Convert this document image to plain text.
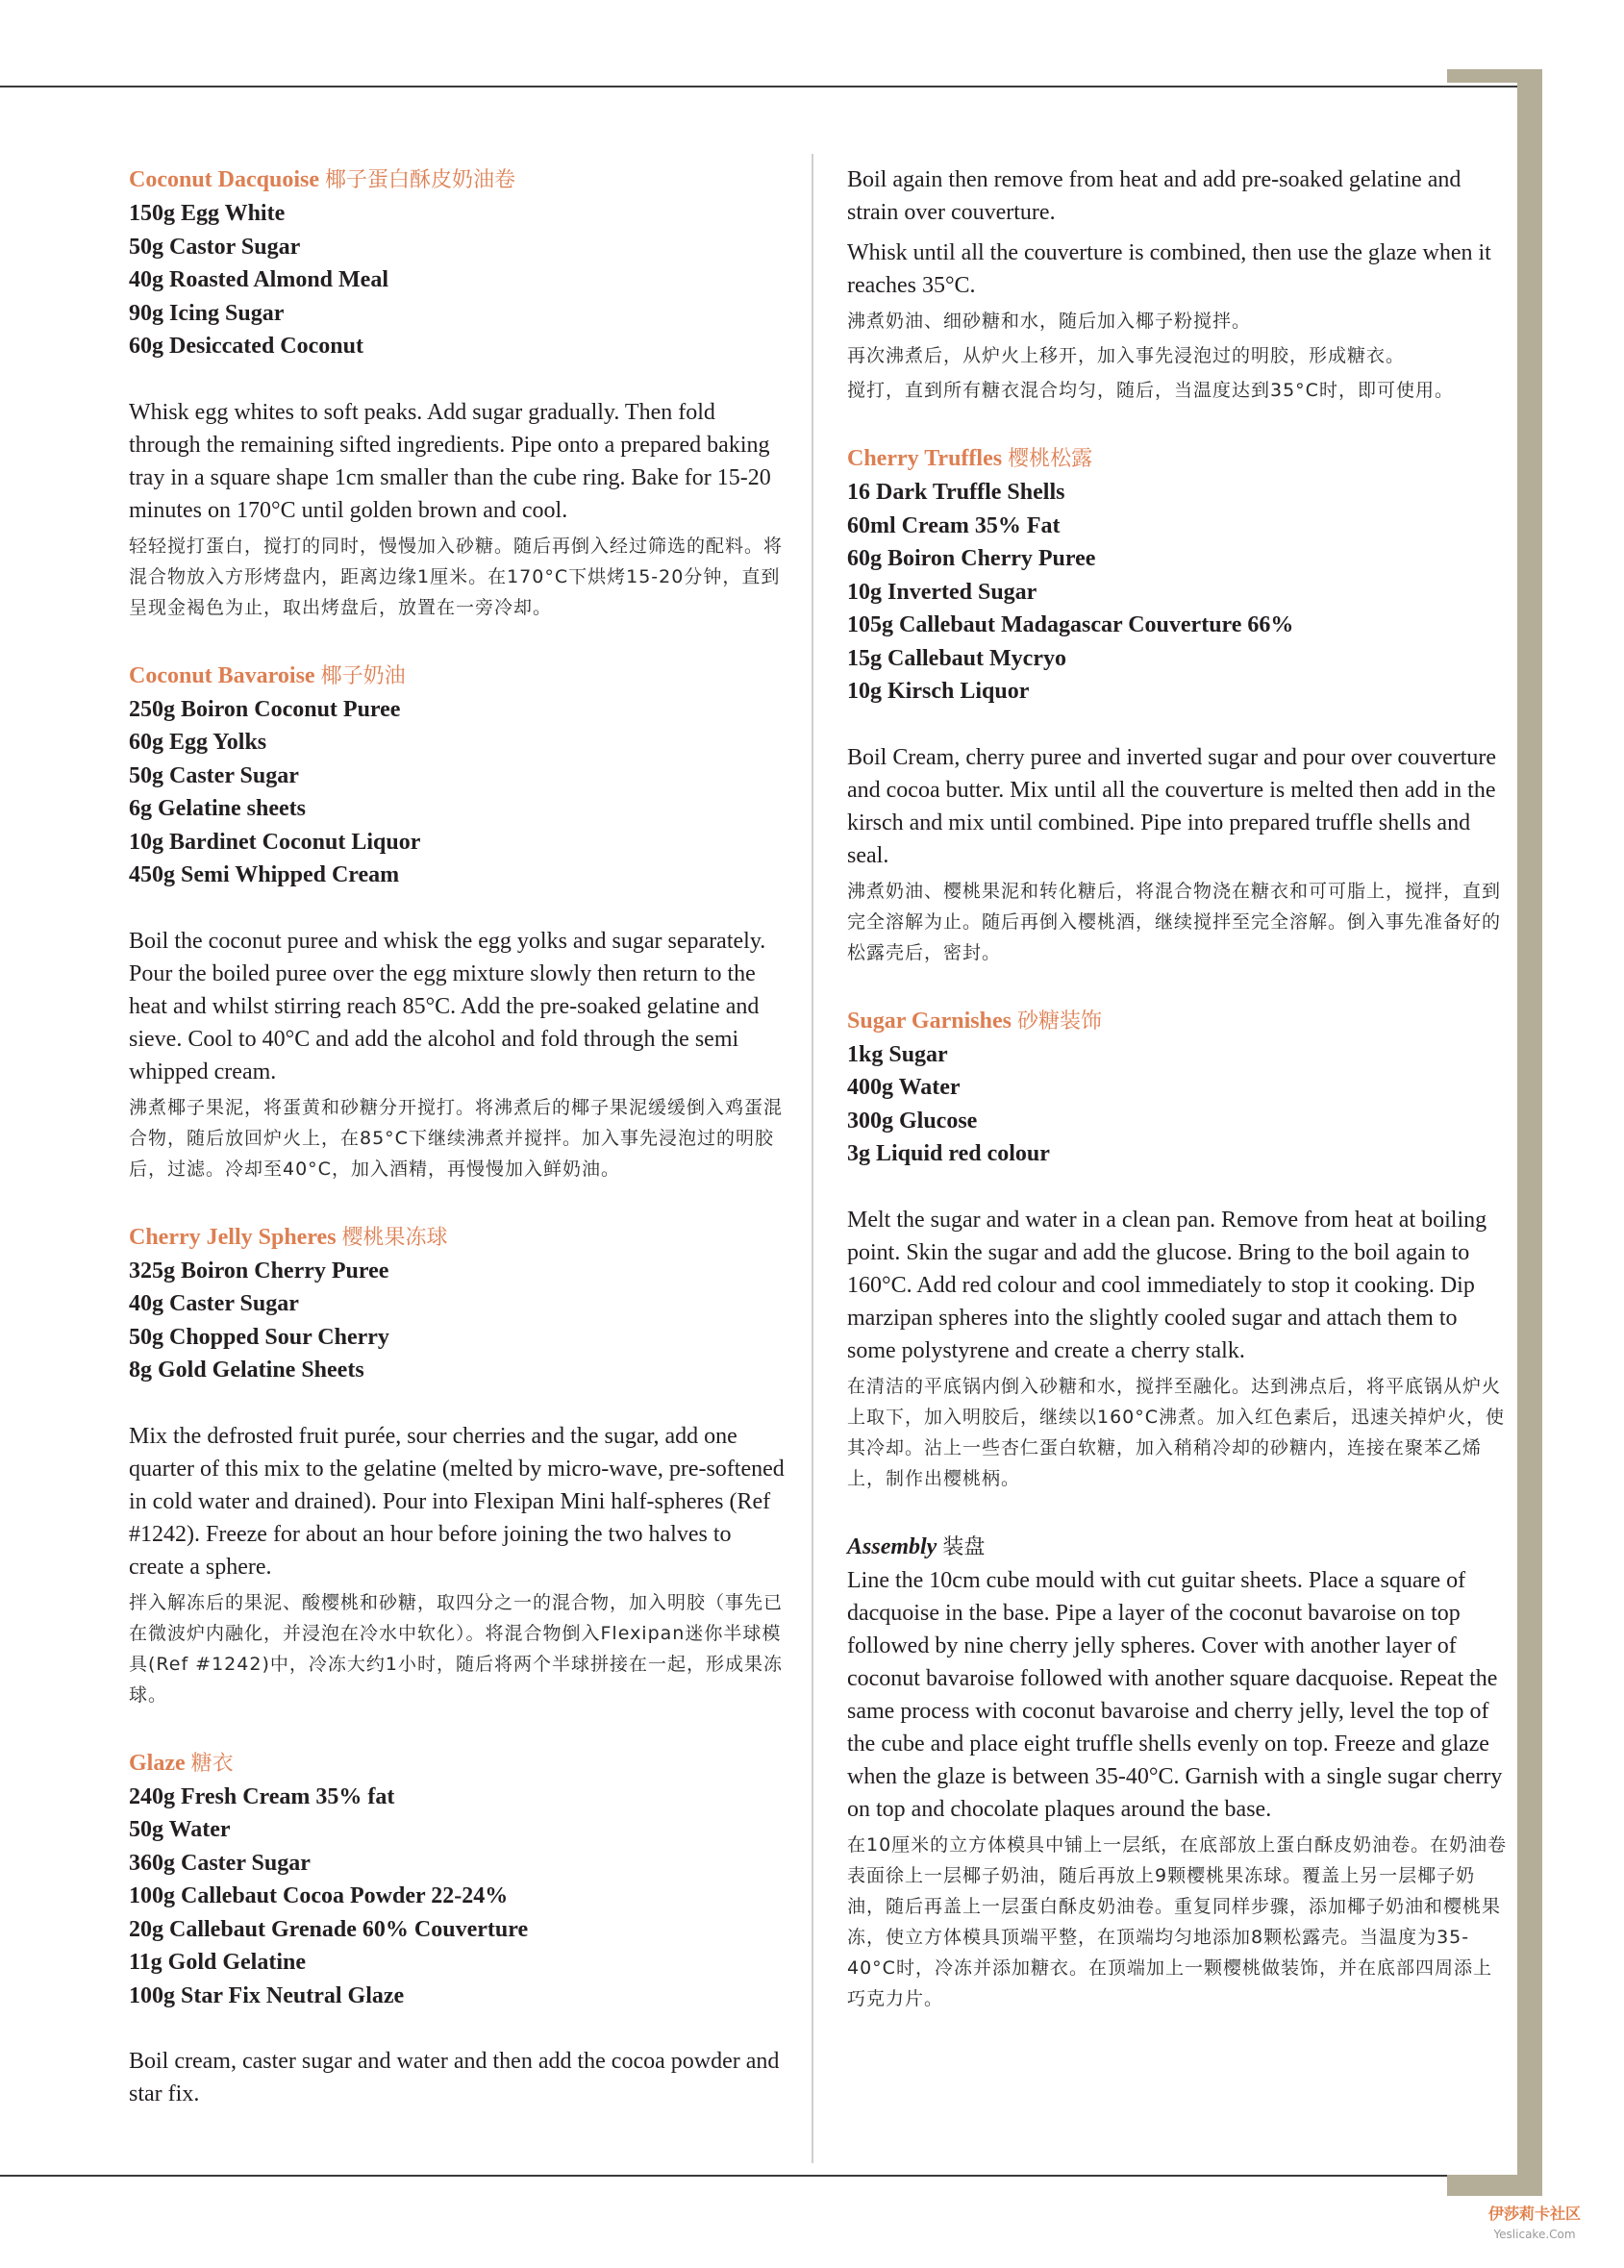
Coconut Dacquoise 椰子蛋白酥皮奶油卷
150g Egg White
50g Castor Sugar
40g Roasted Almond Meal
90g Icing Sugar
60g Desiccated Coconut

Whisk egg whites to soft peaks. Add sugar gradually. Then fold through the remaining sifted ingredients. Pipe onto a prepared baking tray in a square shape 1cm smaller than the cube ring. Bake for 15-20 minutes on 170°C until golden brown and cool.

轻轻搅打蛋白，搅打的同时，慢慢加入砂糖。随后再倒入经过筛选的配料。将混合物放入方形烤盘内，距离边缘1厘米。在170°C下烘烤15-20分钟，直到呈现金褐色为止，取出烤盘后，放置在一旁冷却。

Coconut Bavaroise 椰子奶油
250g Boiron Coconut Puree
60g Egg Yolks
50g Caster Sugar
6g Gelatine sheets
10g Bardinet Coconut Liquor
450g Semi Whipped Cream

Boil the coconut puree and whisk the egg yolks and sugar separately. Pour the boiled puree over the egg mixture slowly then return to the heat and whilst stirring reach 85°C. Add the pre-soaked gelatine and sieve. Cool to 40°C and add the alcohol and fold through the semi whipped cream.

沸煮椰子果泥，将蛋黄和砂糖分开搅打。将沸煮后的椰子果泥缓缓倒入鸡蛋混合物，随后放回炉火上，在85°C下继续沸煮并搅拌。加入事先浸泡过的明胶后，过滤。冷却至40°C，加入酒精，再慢慢加入鲜奶油。

Cherry Jelly Spheres 樱桃果冻球
325g Boiron Cherry Puree
40g Caster Sugar
50g Chopped Sour Cherry
8g Gold Gelatine Sheets

Mix the defrosted fruit purée, sour cherries and the sugar, add one quarter of this mix to the gelatine (melted by micro-wave, pre-softened in cold water and drained). Pour into Flexipan Mini half-spheres (Ref #1242). Freeze for about an hour before joining the two halves to create a sphere.

拌入解冻后的果泥、酸樱桃和砂糖，取四分之一的混合物，加入明胶（事先已在微波炉内融化，并浸泡在冷水中软化）。将混合物倒入Flexipan迷你半球模具(Ref #1242)中，冷冻大约1小时，随后将两个半球拼接在一起，形成果冻球。

Glaze 糖衣
240g Fresh Cream 35% fat
50g Water
360g Caster Sugar
100g Callebaut Cocoa Powder 22-24%
20g Callebaut Grenade 60% Couverture
11g Gold Gelatine
100g Star Fix Neutral Glaze

Boil cream, caster sugar and water and then add the cocoa powder and star fix.

Boil again then remove from heat and add pre-soaked gelatine and strain over couverture.

Whisk until all the couverture is combined, then use the glaze when it reaches 35°C.

沸煮奶油、细砂糖和水，随后加入椰子粉搅拌。

再次沸煮后，从炉火上移开，加入事先浸泡过的明胶，形成糖衣。

搅打，直到所有糖衣混合均匀，随后，当温度达到35°C时，即可使用。

Cherry Truffles 樱桃松露
16 Dark Truffle Shells
60ml Cream 35% Fat
60g Boiron Cherry Puree
10g Inverted Sugar
105g Callebaut Madagascar Couverture 66%
15g Callebaut Mycryo
10g Kirsch Liquor

Boil Cream, cherry puree and inverted sugar and pour over couverture and cocoa butter. Mix until all the couverture is melted then add in the kirsch and mix until combined. Pipe into prepared truffle shells and seal.

沸煮奶油、樱桃果泥和转化糖后，将混合物浇在糖衣和可可脂上，搅拌，直到完全溶解为止。随后再倒入樱桃酒，继续搅拌至完全溶解。倒入事先准备好的松露壳后，密封。

Sugar Garnishes 砂糖装饰
1kg Sugar
400g Water
300g Glucose
3g Liquid red colour

Melt the sugar and water in a clean pan. Remove from heat at boiling point. Skin the sugar and add the glucose. Bring to the boil again to 160°C. Add red colour and cool immediately to stop it cooking. Dip marzipan spheres into the slightly cooled sugar and attach them to some polystyrene and create a cherry stalk.

在清洁的平底锅内倒入砂糖和水，搅拌至融化。达到沸点后，将平底锅从炉火上取下，加入明胶后，继续以160°C沸煮。加入红色素后，迅速关掉炉火，使其冷却。沾上一些杏仁蛋白软糖，加入稍稍冷却的砂糖内，连接在聚苯乙烯上，制作出樱桃柄。

Assembly 装盘

Line the 10cm cube mould with cut guitar sheets. Place a square of dacquoise in the base. Pipe a layer of the coconut bavaroise on top followed by nine cherry jelly spheres. Cover with another layer of coconut bavaroise followed with another square dacquoise. Repeat the same process with coconut bavaroise and cherry jelly, level the top of the cube and place eight truffle shells evenly on top. Freeze and glaze when the glaze is between 35-40°C. Garnish with a single sugar cherry on top and chocolate plaques around the base.

在10厘米的立方体模具中铺上一层纸，在底部放上蛋白酥皮奶油卷。在奶油卷表面徐上一层椰子奶油，随后再放上9颗樱桃果冻球。覆盖上另一层椰子奶油，随后再盖上一层蛋白酥皮奶油卷。重复同样步骤，添加椰子奶油和樱桃果冻，使立方体模具顶端平整，在顶端均匀地添加8颗松露壳。当温度为35-40°C时，冷冻并添加糖衣。在顶端加上一颗樱桃做装饰，并在底部四周添上巧克力片。

伊莎莉卡社区
Yeslicake.Com
